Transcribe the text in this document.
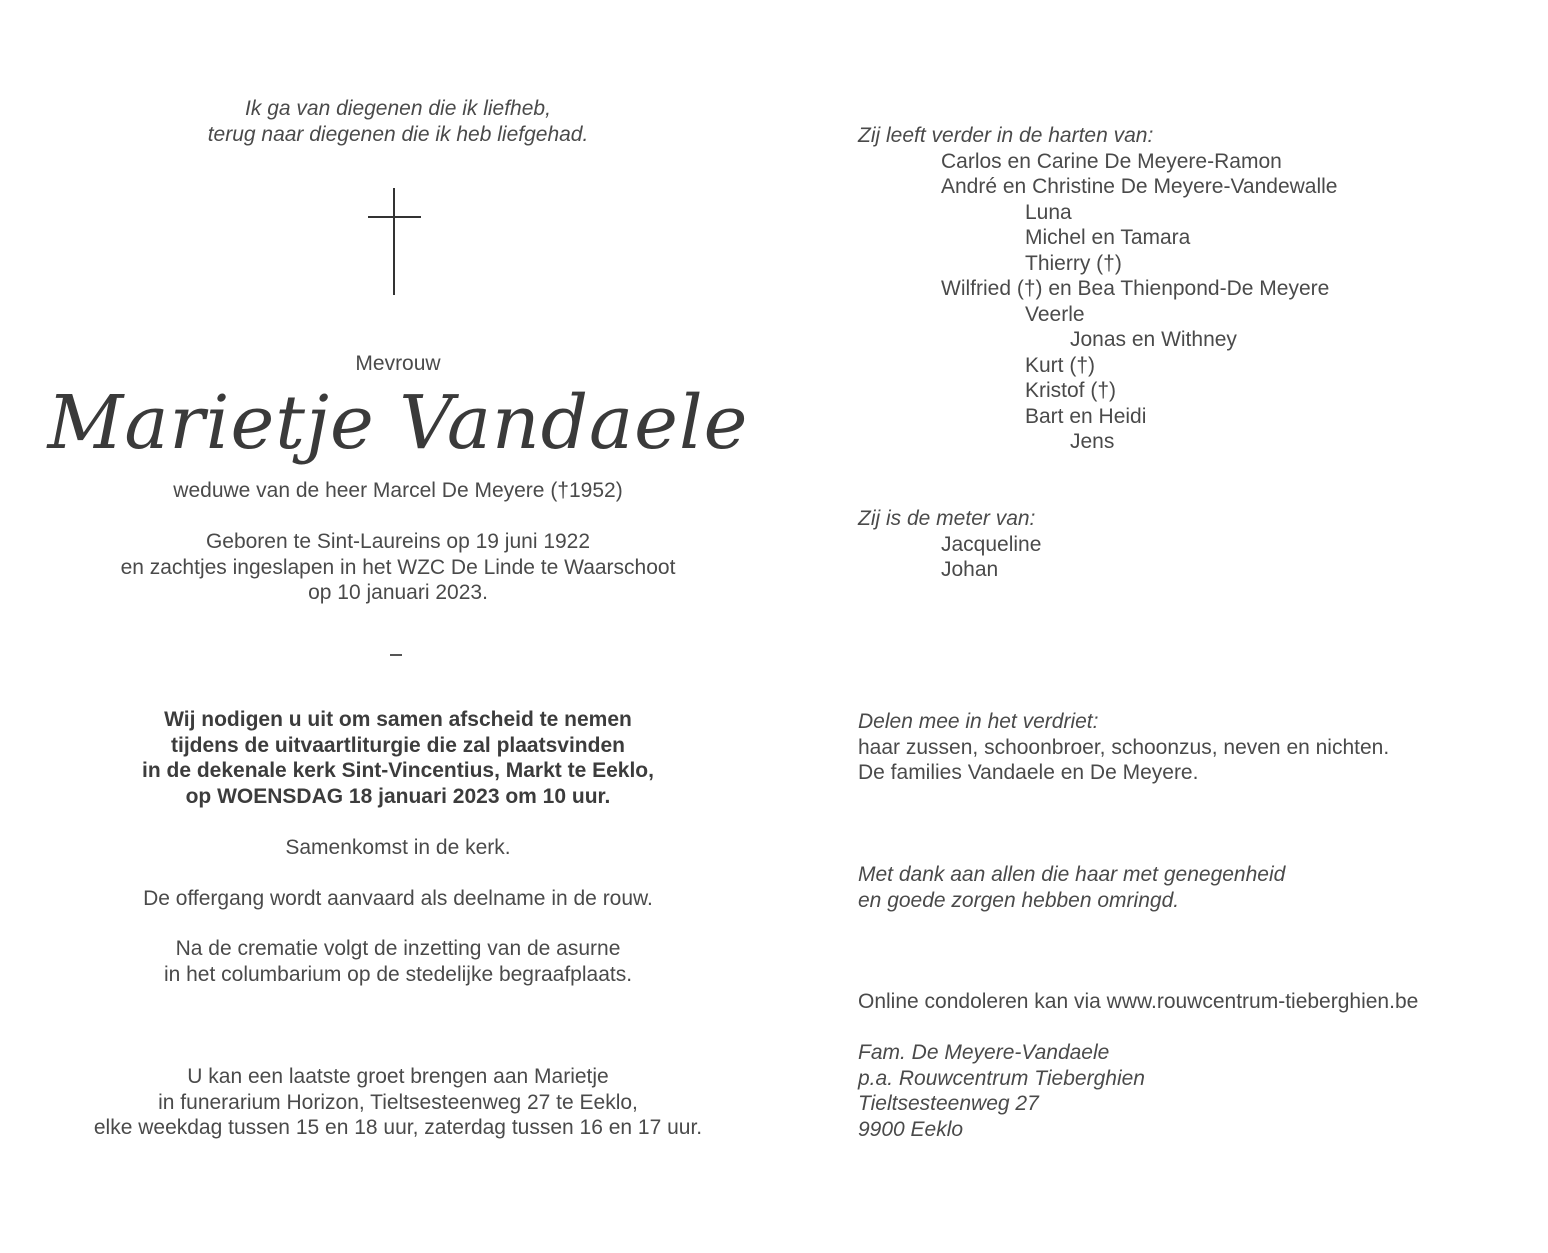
Ik ga van diegenen die ik liefheb,

terug naar diegenen die ik heb liefgehad.

Mevrouw
Marietje Vandaele
weduwe van de heer Marcel De Meyere (†1952)

Geboren te Sint-Laureins op 19 juni 1922

en zachtjes ingeslapen in het WZC De Linde te Waarschoot

op 10 januari 2023.

Wij nodigen u uit om samen afscheid te nemen

tijdens de uitvaartliturgie die zal plaatsvinden

in de dekenale kerk Sint-Vincentius, Markt te Eeklo,

op WOENSDAG 18 januari 2023 om 10 uur.

Samenkomst in de kerk.
De offergang wordt aanvaard als deelname in de rouw.

Na de crematie volgt de inzetting van de asurne

in het columbarium op de stedelijke begraafplaats.

U kan een laatste groet brengen aan Marietje

in funerarium Horizon, Tieltsesteenweg 27 te Eeklo,

elke weekdag tussen 15 en 18 uur, zaterdag tussen 16 en 17 uur.

Zij leeft verder in de harten van:

Carlos en Carine De Meyere-Ramon

André en Christine De Meyere-Vandewalle

Luna

Michel en Tamara

Thierry (†)

Wilfried (†) en Bea Thienpond-De Meyere

Veerle

Jonas en Withney

Kurt (†)

Kristof (†)

Bart en Heidi

Jens

Zij is de meter van:

Jacqueline

Johan

Delen mee in het verdriet:

haar zussen, schoonbroer, schoonzus, neven en nichten.

De families Vandaele en De Meyere.

Met dank aan allen die haar met genegenheid

en goede zorgen hebben omringd.

Online condoleren kan via www.rouwcentrum-tieberghien.be

Fam. De Meyere-Vandaele

p.a. Rouwcentrum Tieberghien

Tieltsesteenweg 27

9900 Eeklo
